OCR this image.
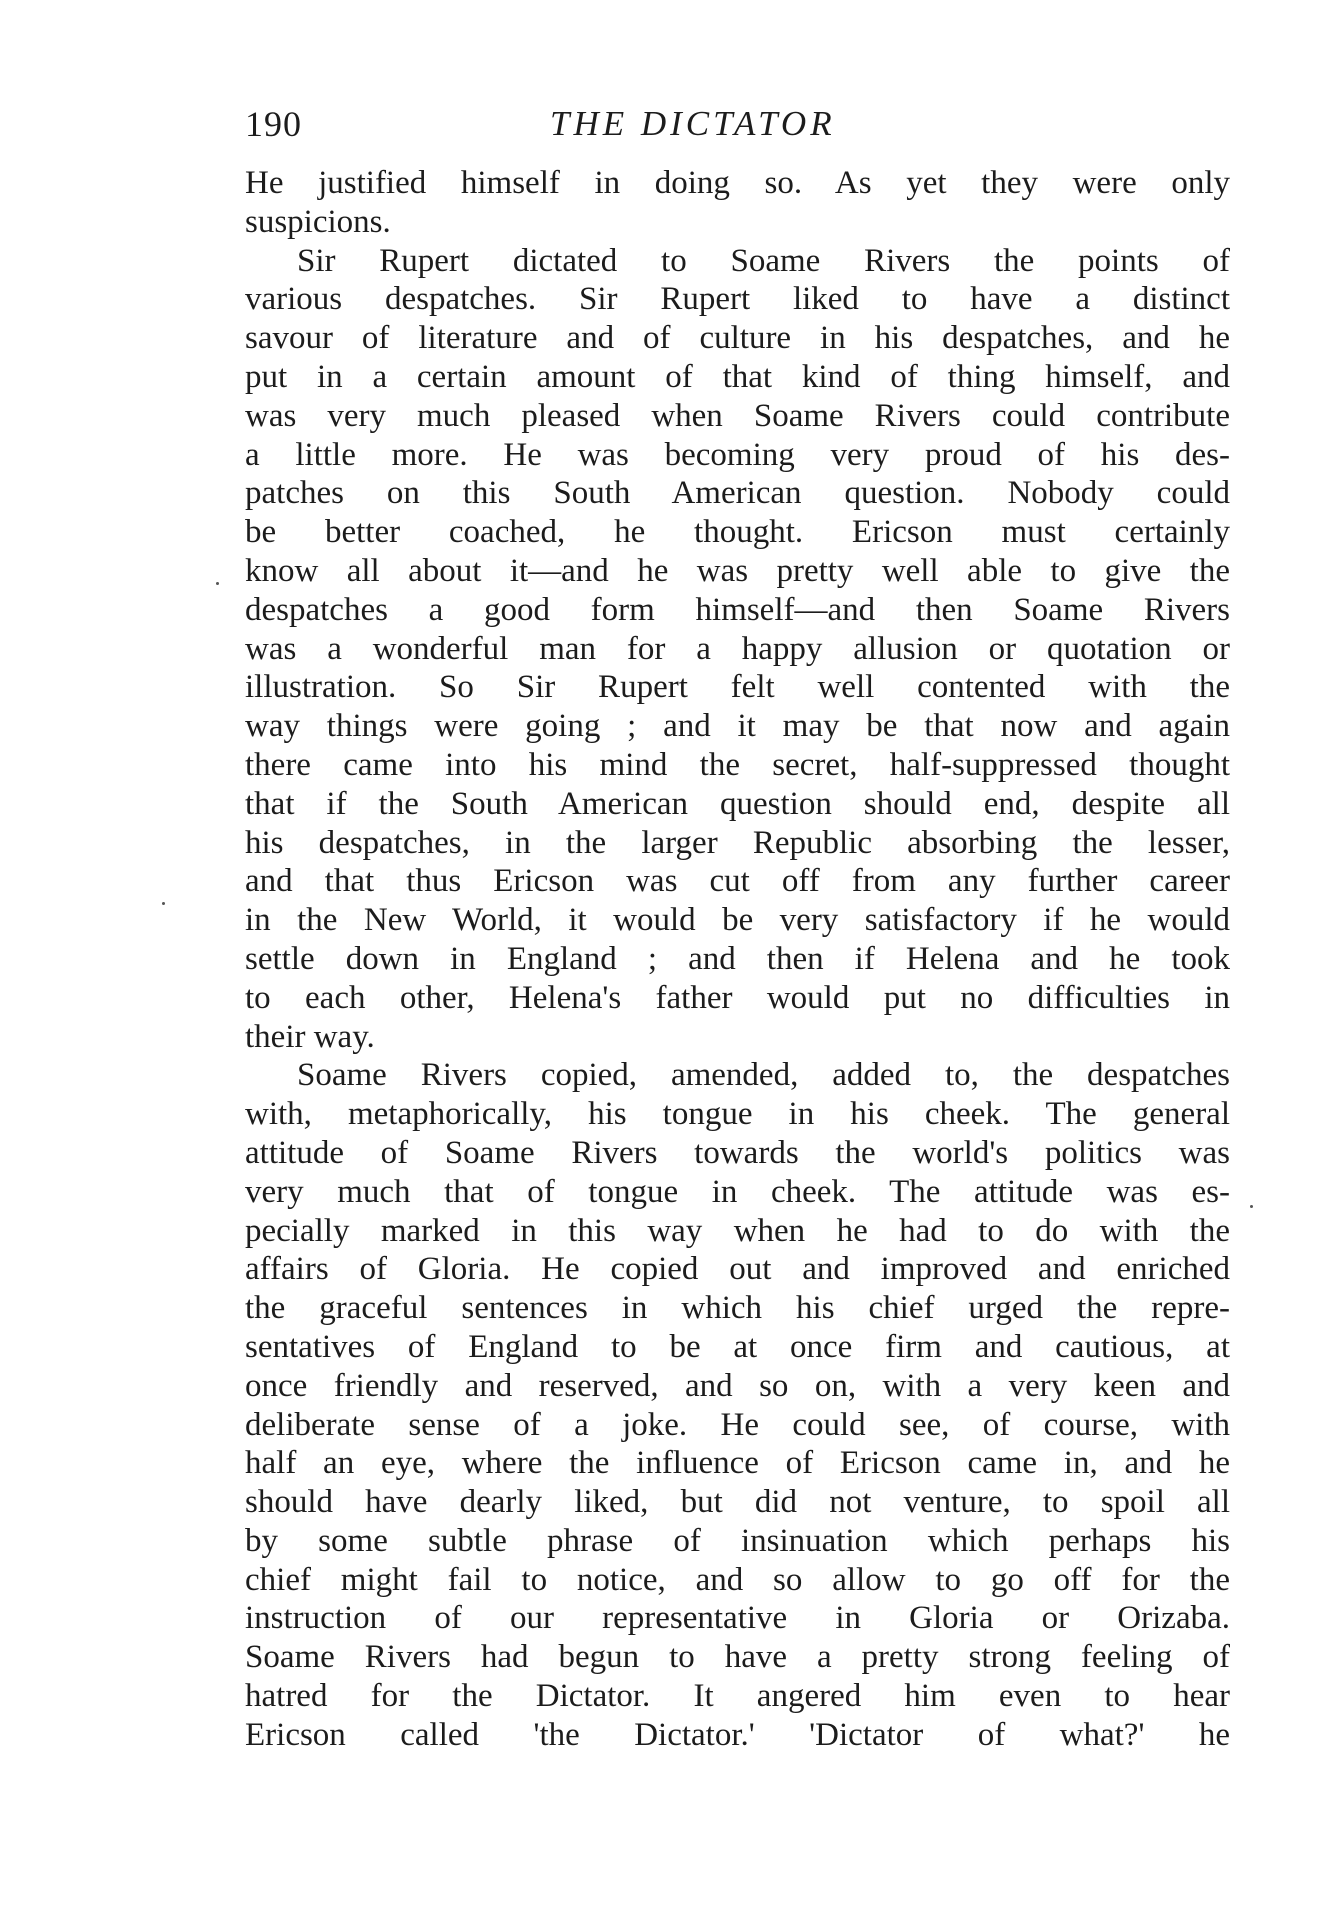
190	THE DICTATOR
He justified himself in doing so. As yet they were only
suspicions.
Sir Rupert dictated to Soame Rivers the points of
various despatches. Sir Rupert liked to have a distinct
savour of literature and of culture in his despatches, and he
put in a certain amount of that kind of thing himself, and
was very much pleased when Soame Rivers could contribute
a little more. He was becoming very proud of his des-
patches on this South American question. Nobody could
be better coached, he thought. Ericson must certainly
know all about it—and he was pretty well able to give the
despatches a good form himself—and then Soame Rivers
was a wonderful man for a happy allusion or quotation or
illustration. So Sir Rupert felt well contented with the
way things were going ; and it may be that now and again
there came into his mind the secret, half-suppressed thought
that if the South American question should end, despite all
his despatches, in the larger Republic absorbing the lesser,
and that thus Ericson was cut off from any further career
in the New World, it would be very satisfactory if he would
settle down in England ; and then if Helena and he took
to each other, Helena's father would put no difficulties in
their way.
Soame Rivers copied, amended, added to, the despatches
with, metaphorically, his tongue in his cheek. The general
attitude of Soame Rivers towards the world's politics was
very much that of tongue in cheek. The attitude was es-
pecially marked in this way when he had to do with the
affairs of Gloria. He copied out and improved and enriched
the graceful sentences in which his chief urged the repre-
sentatives of England to be at once firm and cautious, at
once friendly and reserved, and so on, with a very keen and
deliberate sense of a joke. He could see, of course, with
half an eye, where the influence of Ericson came in, and he
should have dearly liked, but did not venture, to spoil all
by some subtle phrase of insinuation which perhaps his
chief might fail to notice, and so allow to go off for the
instruction of our representative in Gloria or Orizaba.
Soame Rivers had begun to have a pretty strong feeling of
hatred for the Dictator. It angered him even to hear
Ericson called 'the Dictator.' 'Dictator of what?' he
